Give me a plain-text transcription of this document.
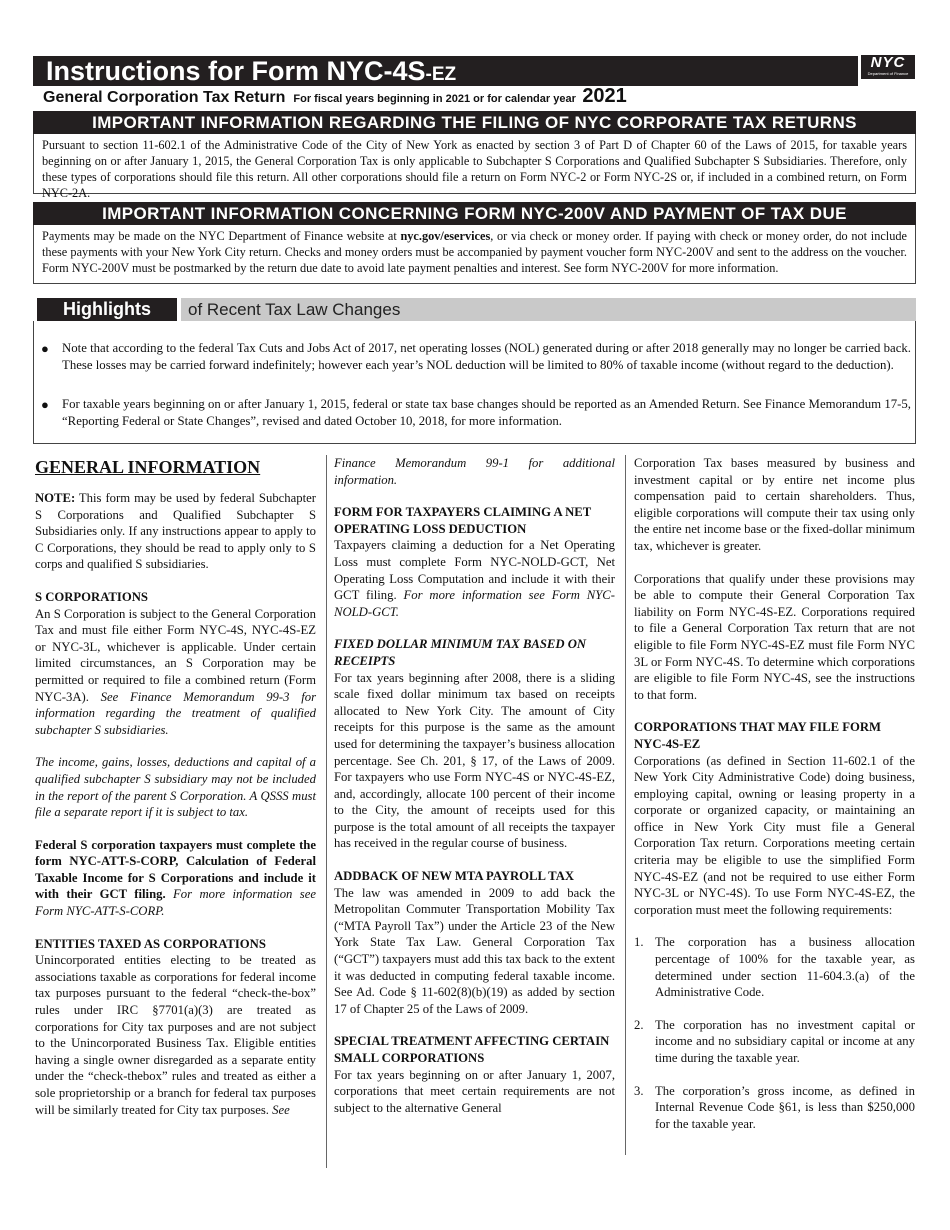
Instructions for Form NYC-4S-EZ
NYC
Department of Finance
General Corporation Tax Return For fiscal years beginning in 2021 or for calendar year 2021
IMPORTANT INFORMATION REGARDING THE FILING OF NYC CORPORATE TAX RETURNS
Pursuant to section 11-602.1 of the Administrative Code of the City of New York as enacted by section 3 of Part D of Chapter 60 of the Laws of 2015, for taxable years beginning on or after January 1, 2015, the General Corporation Tax is only applicable to Subchapter S Corporations and Qualified Subchapter S Subsidiaries. Therefore, only these types of corporations should file this return. All other corporations should file a return on Form NYC-2 or Form NYC-2S or, if included in a combined return, on Form NYC-2A.
IMPORTANT INFORMATION CONCERNING FORM NYC-200V AND PAYMENT OF TAX DUE
Payments may be made on the NYC Department of Finance website at nyc.gov/eservices, or via check or money order. If paying with check or money order, do not include these payments with your New York City return. Checks and money orders must be accompanied by payment voucher form NYC-200V and sent to the address on the voucher. Form NYC-200V must be postmarked by the return due date to avoid late payment penalties and interest. See form NYC-200V for more information.
Highlights	of Recent Tax Law Changes
●	Note that according to the federal Tax Cuts and Jobs Act of 2017, net operating losses (NOL) generated during or after 2018 generally may no longer be carried back. These losses may be carried forward indefinitely; however each year’s NOL deduction will be limited to 80% of taxable income (without regard to the deduction).
●	For taxable years beginning on or after January 1, 2015, federal or state tax base changes should be reported as an Amended Return. See Finance Memorandum 17-5, “Reporting Federal or State Changes”, revised and dated October 10, 2018, for more information.
GENERAL INFORMATION

NOTE: This form may be used by federal Subchapter S Corporations and Qualified Subchapter S Subsidiaries only. If any instructions appear to apply to C Corporations, they should be read to apply only to S corps and qualified S subsidiaries.

S CORPORATIONS

An S Corporation is subject to the General Corporation Tax and must file either Form NYC-4S, NYC-4S-EZ or NYC-3L, whichever is applicable. Under certain limited circumstances, an S Corporation may be permitted or required to file a combined return (Form NYC-3A). See Finance Memorandum 99-3 for information regarding the treatment of qualified subchapter S subsidiaries.

The income, gains, losses, deductions and capital of a qualified subchapter S subsidiary may not be included in the report of the parent S Corporation. A QSSS must file a separate report if it is subject to tax.

Federal S corporation taxpayers must complete the form NYC-ATT-S-CORP, Calculation of Federal Taxable Income for S Corporations and include it with their GCT filing. For more information see Form NYC-ATT-S-CORP.

ENTITIES TAXED AS CORPORATIONS

Unincorporated entities electing to be treated as associations taxable as corporations for federal income tax purposes pursuant to the federal “check-the-box” rules under IRC §7701(a)(3) are treated as corporations for City tax purposes and are not subject to the Unincorporated Business Tax. Eligible entities having a single owner disregarded as a separate entity under the “check-thebox” rules and treated as either a sole proprietorship or a branch for federal tax purposes will be similarly treated for City tax purposes. See

Finance Memorandum 99-1 for additional information.

FORM FOR TAXPAYERS CLAIMING A NET OPERATING LOSS DEDUCTION

Taxpayers claiming a deduction for a Net Operating Loss must complete Form NYC-NOLD-GCT, Net Operating Loss Computation and include it with their GCT filing. For more information see Form NYC-NOLD-GCT.

FIXED DOLLAR MINIMUM TAX BASED ON RECEIPTS

For tax years beginning after 2008, there is a sliding scale fixed dollar minimum tax based on receipts allocated to New York City. The amount of City receipts for this purpose is the same as the amount used for determining the taxpayer’s business allocation percentage. See Ch. 201, § 17, of the Laws of 2009. For taxpayers who use Form NYC-4S or NYC-4S-EZ, and, accordingly, allocate 100 percent of their income to the City, the amount of receipts used for this purpose is the total amount of all receipts the taxpayer has received in the regular course of business.

ADDBACK OF NEW MTA PAYROLL TAX

The law was amended in 2009 to add back the Metropolitan Commuter Transportation Mobility Tax (“MTA Payroll Tax”) under the Article 23 of the New York State Tax Law. General Corporation Tax (“GCT”) taxpayers must add this tax back to the extent it was deducted in computing federal taxable income. See Ad. Code § 11-602(8)(b)(19) as added by section 17 of Chapter 25 of the Laws of 2009.

SPECIAL TREATMENT AFFECTING CERTAIN SMALL CORPORATIONS

For tax years beginning on or after January 1, 2007, corporations that meet certain requirements are not subject to the alternative General

Corporation Tax bases measured by business and investment capital or by entire net income plus compensation paid to certain shareholders. Thus, eligible corporations will compute their tax using only the entire net income base or the fixed-dollar minimum tax, whichever is greater.

Corporations that qualify under these provisions may be able to compute their General Corporation Tax liability on Form NYC-4S-EZ. Corporations required to file a General Corporation Tax return that are not eligible to file Form NYC-4S-EZ must file Form NYC 3L or Form NYC-4S. To determine which corporations are eligible to file Form NYC-4S, see the instructions to that form.

CORPORATIONS THAT MAY FILE FORM NYC-4S-EZ

Corporations (as defined in Section 11-602.1 of the New York City Administrative Code) doing business, employing capital, owning or leasing property in a corporate or organized capacity, or maintaining an office in New York City must file a General Corporation Tax return. Corporations meeting certain criteria may be eligible to use the simplified Form NYC-4S-EZ (and not be required to use either Form NYC-3L or NYC-4S). To use Form NYC-4S-EZ, the corporation must meet the following requirements:

1. The corporation has a business allocation percentage of 100% for the taxable year, as determined under section 11-604.3.(a) of the Administrative Code.
2. The corporation has no investment capital or income and no subsidiary capital or income at any time during the taxable year.
3. The corporation’s gross income, as defined in Internal Revenue Code §61, is less than $250,000 for the taxable year.
